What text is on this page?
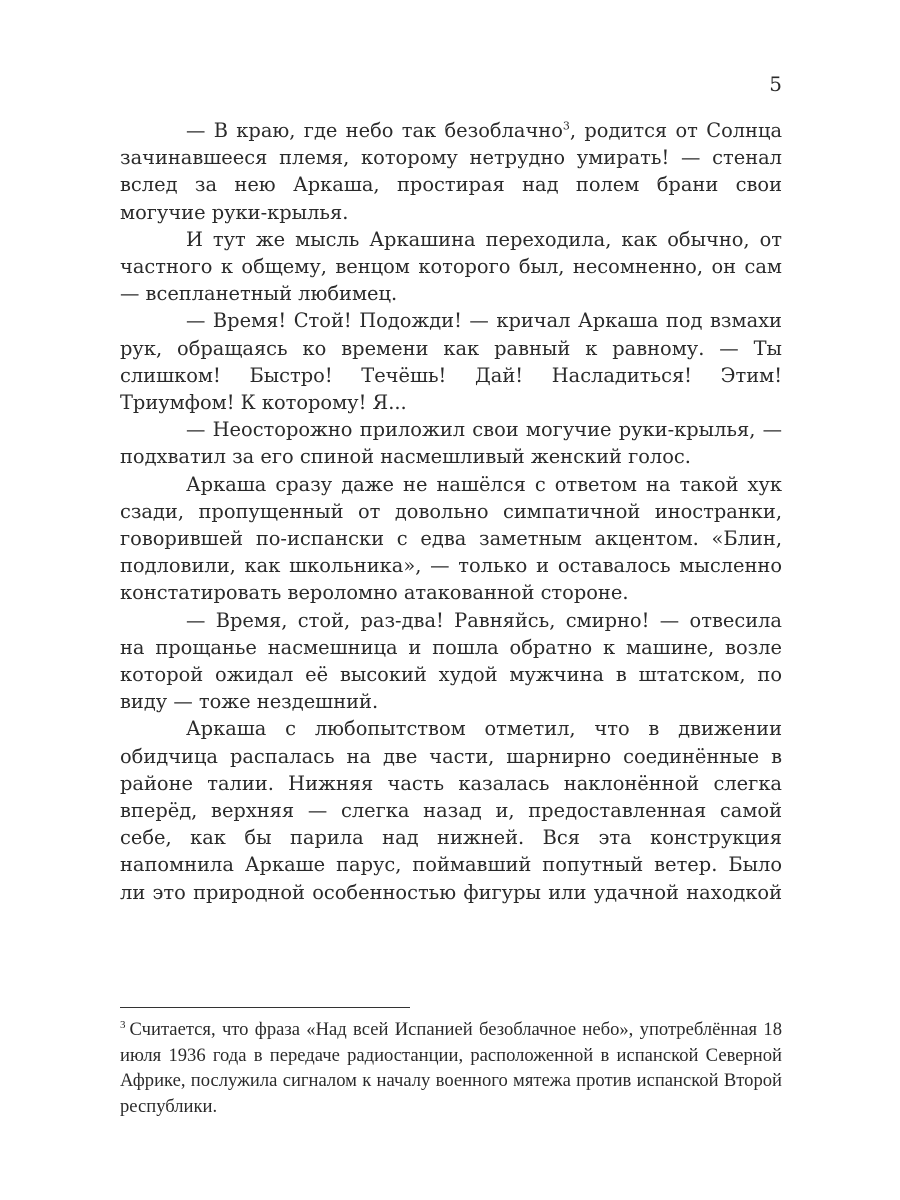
5

— В краю, где небо так безоблачно$^3$, родится от Солнца зачинавшееся племя, которому нетрудно умирать! — стенал вслед за нею Аркаша, простирая над полем брани свои могучие руки-крылья.

И тут же мысль Аркашина переходила, как обычно, от частного к общему, венцом которого был, несомненно, он сам — всепланетный любимец.

— Время! Стой! Подожди! — кричал Аркаша под взмахи рук, обращаясь ко времени как равный к равному. — Ты слишком! Быстро! Течёшь! Дай! Насладиться! Этим! Триумфом! К которому! Я...

— Неосторожно приложил свои могучие руки-крылья, — подхватил за его спиной насмешливый женский голос.

Аркаша сразу даже не нашёлся с ответом на такой хук сзади, пропущенный от довольно симпатичной иностранки, говорившей по-испански с едва заметным акцентом. «Блин, подловили, как школьника», — только и оставалось мысленно констатировать вероломно атакованной стороне.

— Время, стой, раз-два! Равняйсь, смирно! — отвесила на прощанье насмешница и пошла обратно к машине, возле которой ожидал её высокий худой мужчина в штатском, по виду — тоже нездешний.

Аркаша с любопытством отметил, что в движении обидчица распалась на две части, шарнирно соединённые в районе талии. Нижняя часть казалась наклонённой слегка вперёд, верхняя — слегка назад и, предоставленная самой себе, как бы парила над нижней. Вся эта конструкция напомнила Аркаше парус, поймавший попутный ветер. Было ли это природной особенностью фигуры или удачной находкой

$^3$ Считается, что фраза «Над всей Испанией безоблачное небо», употреблённая 18 июля 1936 года в передаче радиостанции, расположенной в испанской Северной Африке, послужила сигналом к началу военного мятежа против испанской Второй республики.
